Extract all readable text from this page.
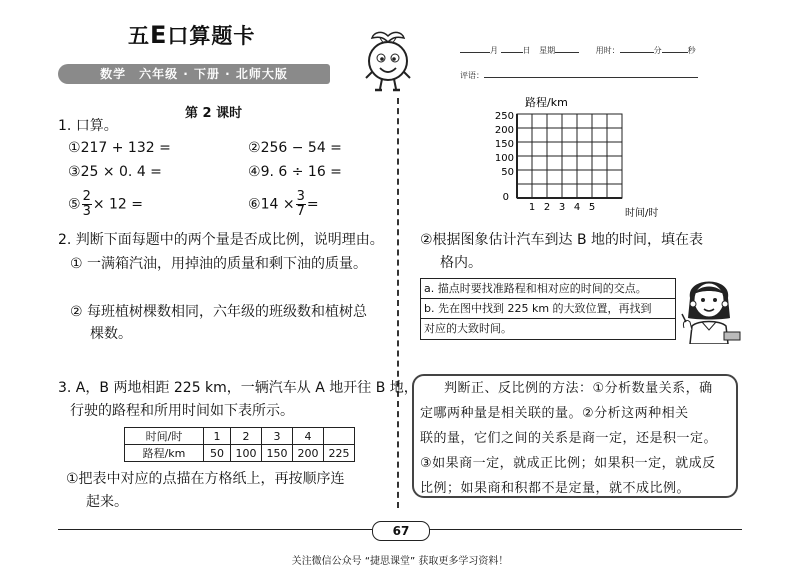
五E口算题卡
数学　六年级 · 下册 · 北师大版
月	日 星期	用时：	分	秒
评语：
第 2 课时
1. 口算。
①217 + 132 =	②256 − 54 =
③25 × 0. 4 =	④9. 6 ÷ 16 =
⑤ $\frac{2}{3} \times 12$ =	⑥14 × $\frac{3}{7}$ =
2. 判断下面每题中的两个量是否成比例，说明理由。
① 一满箱汽油，用掉油的质量和剩下油的质量。
② 每班植树棵数相同，六年级的班级数和植树总
棵数。
3. A，B 两地相距 225 km，一辆汽车从 A 地开往 B 地，
行驶的路程和所用时间如下表所示。
时间/时	1	2	3	4	
路程/km	50	100	150	200	225
①把表中对应的点描在方格纸上，再按顺序连
起来。
路程/km
250
200
150
100
50
0
1 2 3 4 5
时间/时
②根据图象估计汽车到达 B 地的时间，填在表
格内。
a. 描点时要找准路程和相对应的时间的交点。
b. 先在图中找到 225 km 的大致位置，再找到
对应的大致时间。
判断正、反比例的方法：①分析数量关系，确
定哪两种量是相关联的量。②分析这两种相关
联的量，它们之间的关系是商一定，还是积一定。
③如果商一定，就成正比例；如果积一定，就成反
比例；如果商和积都不是定量，就不成比例。
67
关注微信公众号 “捷思课堂” 获取更多学习资料！
